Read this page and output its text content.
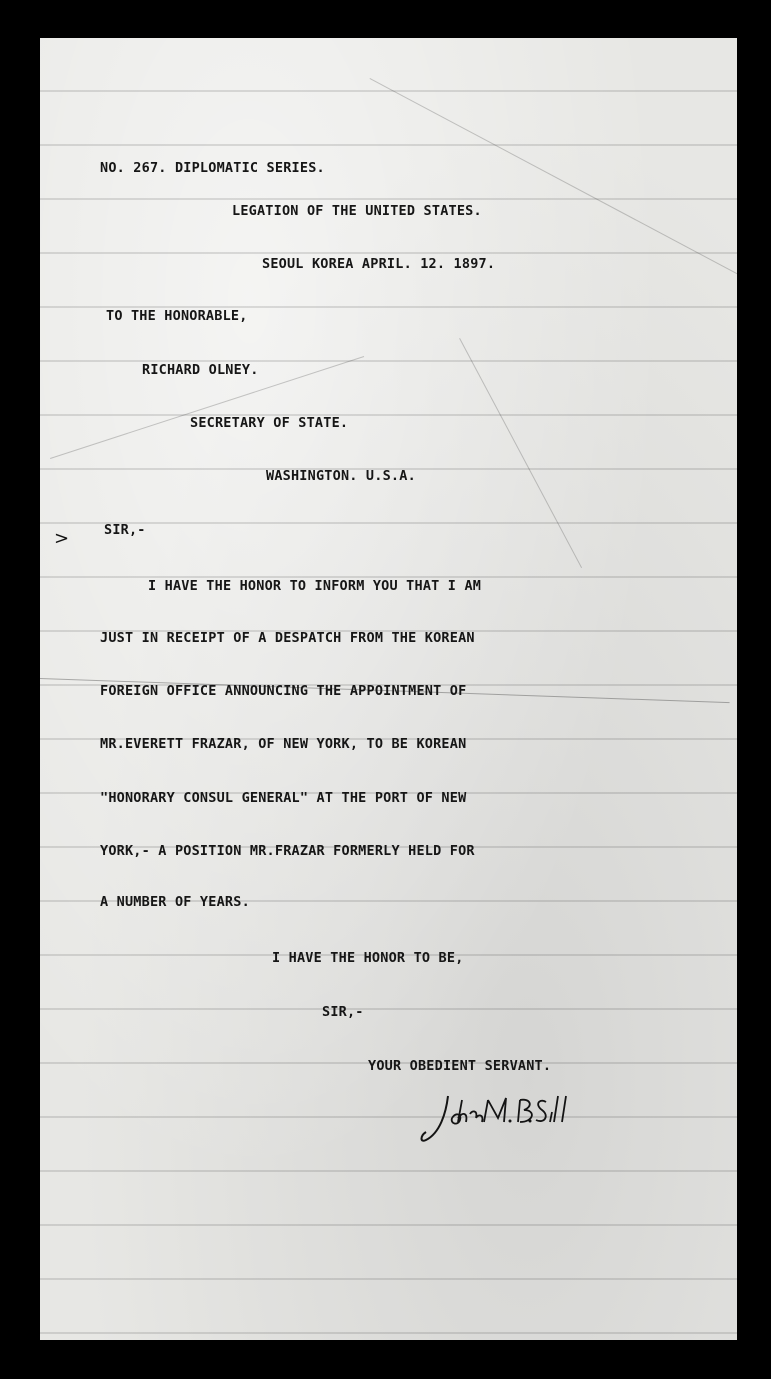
NO. 267. DIPLOMATIC SERIES.
LEGATION OF THE UNITED STATES.
SEOUL KOREA APRIL. 12. 1897.
TO THE HONORABLE,
RICHARD OLNEY.
SECRETARY OF STATE.
WASHINGTON. U.S.A.
>	SIR,-
I HAVE THE HONOR TO INFORM YOU THAT I AM
JUST IN RECEIPT OF A DESPATCH FROM THE KOREAN
FOREIGN OFFICE ANNOUNCING THE APPOINTMENT OF
MR.EVERETT FRAZAR, OF NEW YORK, TO BE KOREAN
"HONORARY CONSUL GENERAL" AT THE PORT OF NEW
YORK,- A POSITION MR.FRAZAR FORMERLY HELD FOR
A NUMBER OF YEARS.
I HAVE THE HONOR TO BE,
SIR,-
YOUR OBEDIENT SERVANT.
